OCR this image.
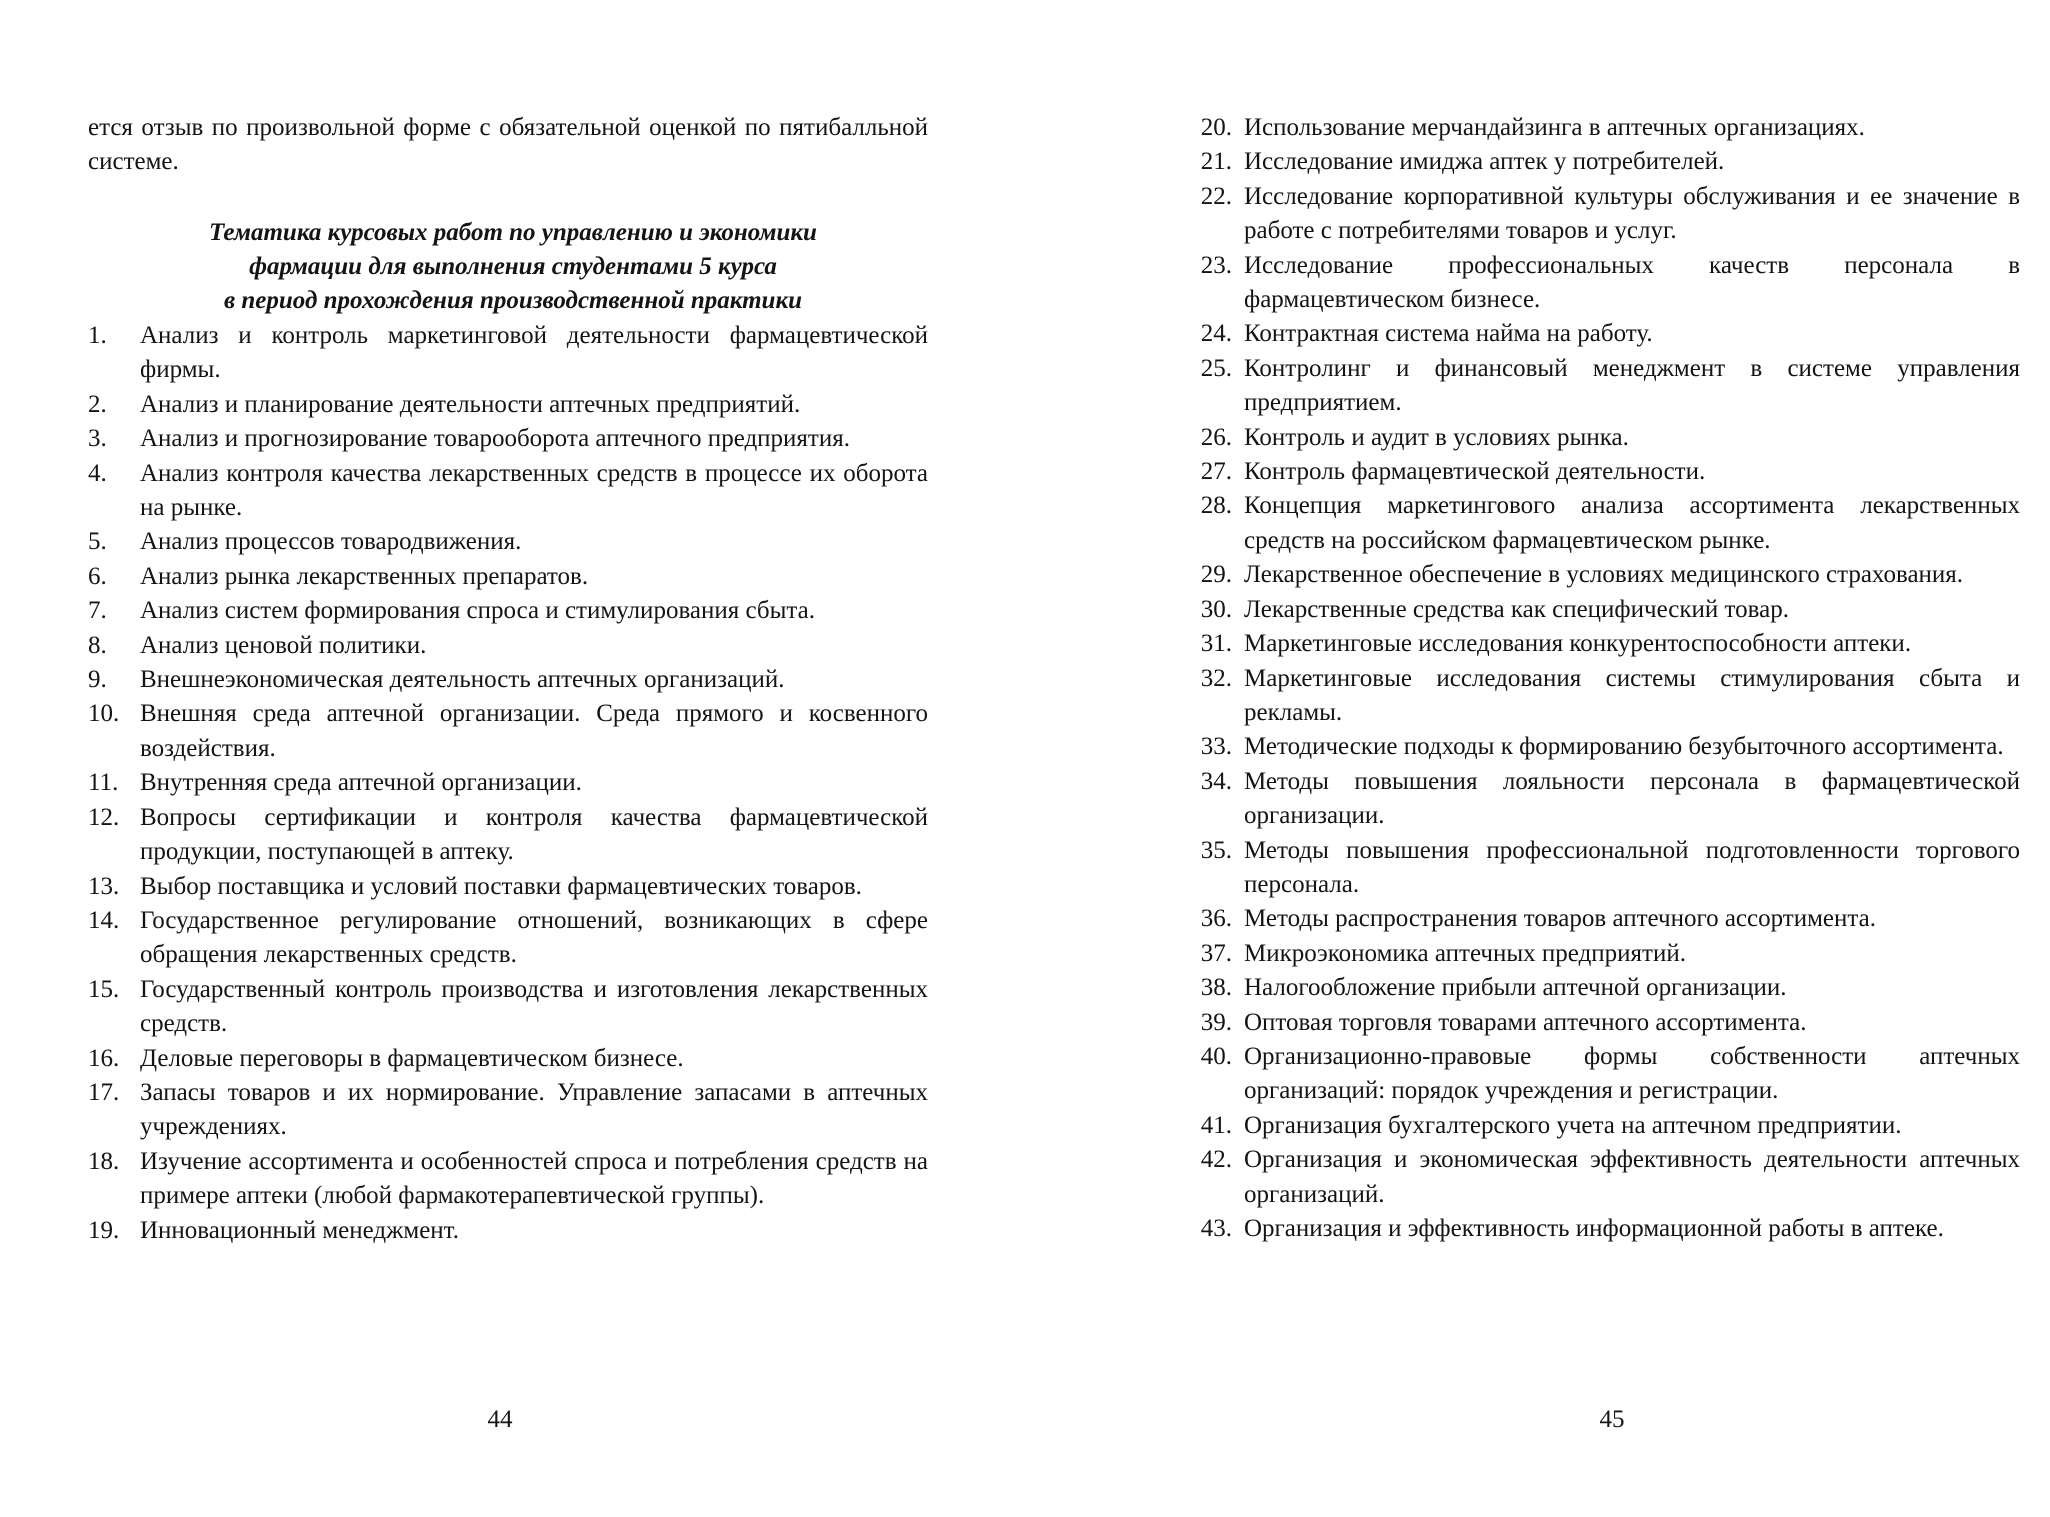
ется отзыв по произвольной форме с обязательной оценкой по пятибалльной системе.

Тематика курсовых работ по управлению и экономики
фармации для выполнения студентами 5 курса
в период прохождения производственной практики
1.	Анализ и контроль маркетинговой деятельности фармацевтической фирмы.
2.	Анализ и планирование деятельности аптечных предприятий.
3.	Анализ и прогнозирование товарооборота аптечного предприятия.
4.	Анализ контроля качества лекарственных средств в процессе их оборота на рынке.
5.	Анализ процессов товародвижения.
6.	Анализ рынка лекарственных препаратов.
7.	Анализ систем формирования спроса и стимулирования сбыта.
8.	Анализ ценовой политики.
9.	Внешнеэкономическая деятельность аптечных организаций.
10. Внешняя среда аптечной организации. Среда прямого и косвенного воздействия.
11. Внутренняя среда аптечной организации.
12. Вопросы сертификации и контроля качества фармацевтической продукции, поступающей в аптеку.
13. Выбор поставщика и условий поставки фармацевтических товаров.
14. Государственное регулирование отношений, возникающих в сфере обращения лекарственных средств.
15. Государственный контроль производства и изготовления лекарственных средств.
16. Деловые переговоры в фармацевтическом бизнесе.
17. Запасы товаров и их нормирование. Управление запасами в аптечных учреждениях.
18. Изучение ассортимента и особенностей спроса и потребления средств на примере аптеки (любой фармакотерапевтической группы).
19. Инновационный менеджмент.
44
20. Использование мерчандайзинга в аптечных организациях.
21. Исследование имиджа аптек у потребителей.
22. Исследование корпоративной культуры обслуживания и ее значение в работе с потребителями товаров и услуг.
23. Исследование профессиональных качеств персонала в фармацевтическом бизнесе.
24. Контрактная система найма на работу.
25. Контролинг и финансовый менеджмент в системе управления предприятием.
26. Контроль и аудит в условиях рынка.
27. Контроль фармацевтической деятельности.
28. Концепция маркетингового анализа ассортимента лекарственных средств на российском фармацевтическом рынке.
29. Лекарственное обеспечение в условиях медицинского страхования.
30. Лекарственные средства как специфический товар.
31. Маркетинговые исследования конкурентоспособности аптеки.
32. Маркетинговые исследования системы стимулирования сбыта и рекламы.
33. Методические подходы к формированию безубыточного ассортимента.
34. Методы повышения лояльности персонала в фармацевтической организации.
35. Методы повышения профессиональной подготовленности торгового персонала.
36. Методы распространения товаров аптечного ассортимента.
37. Микроэкономика аптечных предприятий.
38. Налогообложение прибыли аптечной организации.
39. Оптовая торговля товарами аптечного ассортимента.
40. Организационно-правовые формы собственности аптечных организаций: порядок учреждения и регистрации.
41. Организация бухгалтерского учета на аптечном предприятии.
42. Организация и экономическая эффективность деятельности аптечных организаций.
43. Организация и эффективность информационной работы в аптеке.
45
